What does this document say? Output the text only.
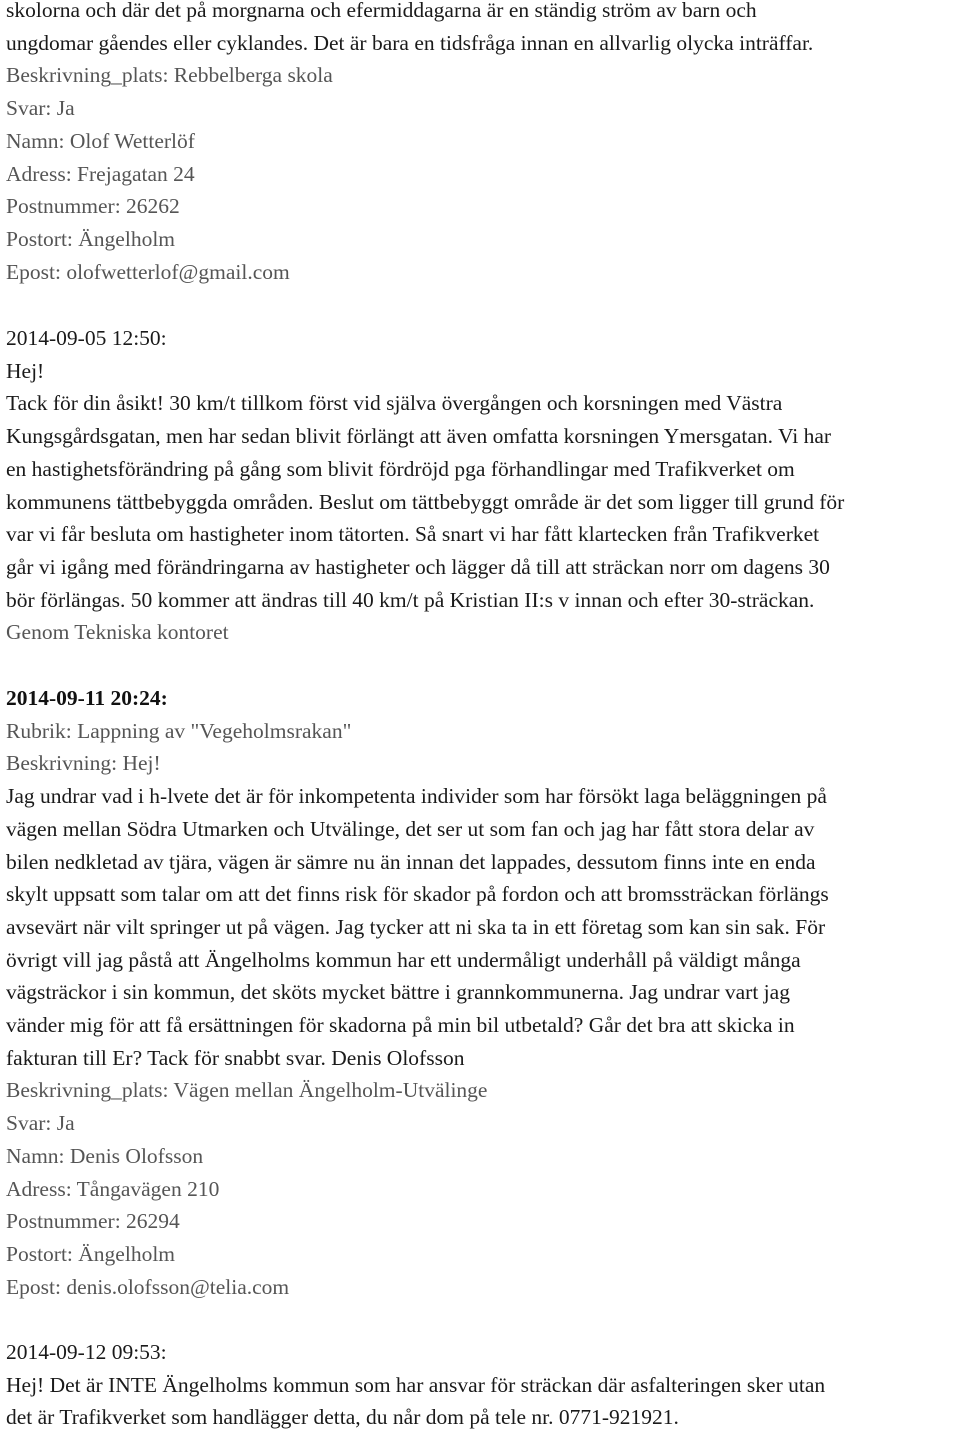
skolorna och där det på morgnarna och efermiddagarna är en ständig ström av barn och
ungdomar gåendes eller cyklandes. Det är bara en tidsfråga innan en allvarlig olycka inträffar.
Beskrivning_plats: Rebbelberga skola
Svar: Ja
Namn: Olof Wetterlöf
Adress: Frejagatan 24
Postnummer: 26262
Postort: Ängelholm
Epost: olofwetterlof@gmail.com
2014-09-05 12:50:
Hej!
Tack för din åsikt! 30 km/t tillkom först vid själva övergången och korsningen med Västra
Kungsgårdsgatan, men har sedan blivit förlängt att även omfatta korsningen Ymersgatan. Vi har
en hastighetsförändring på gång som blivit fördröjd pga förhandlingar med Trafikverket om
kommunens tättbebyggda områden. Beslut om tättbebyggt område är det som ligger till grund för
var vi får besluta om hastigheter inom tätorten. Så snart vi har fått klartecken från Trafikverket
går vi igång med förändringarna av hastigheter och lägger då till att sträckan norr om dagens 30
bör förlängas. 50 kommer att ändras till 40 km/t på Kristian II:s v innan och efter 30-sträckan.
Genom Tekniska kontoret
2014-09-11 20:24:
Rubrik: Lappning av "Vegeholmsrakan"
Beskrivning: Hej!
Jag undrar vad i h-lvete det är för inkompetenta individer som har försökt laga beläggningen på
vägen mellan Södra Utmarken och Utvälinge, det ser ut som fan och jag har fått stora delar av
bilen nedkletad av tjära, vägen är sämre nu än innan det lappades, dessutom finns inte en enda
skylt uppsatt som talar om att det finns risk för skador på fordon och att bromssträckan förlängs
avsevärt när vilt springer ut på vägen. Jag tycker att ni ska ta in ett företag som kan sin sak. För
övrigt vill jag påstå att Ängelholms kommun har ett undermåligt underhåll på väldigt många
vägsträckor i sin kommun, det sköts mycket bättre i grannkommunerna. Jag undrar vart jag
vänder mig för att få ersättningen för skadorna på min bil utbetald? Går det bra att skicka in
fakturan till Er? Tack för snabbt svar. Denis Olofsson
Beskrivning_plats: Vägen mellan Ängelholm-Utvälinge
Svar: Ja
Namn: Denis Olofsson
Adress: Tångavägen 210
Postnummer: 26294
Postort: Ängelholm
Epost: denis.olofsson@telia.com
2014-09-12 09:53:
Hej! Det är INTE Ängelholms kommun som har ansvar för sträckan där asfalteringen sker utan
det är Trafikverket som handlägger detta, du når dom på tele nr. 0771-921921.
